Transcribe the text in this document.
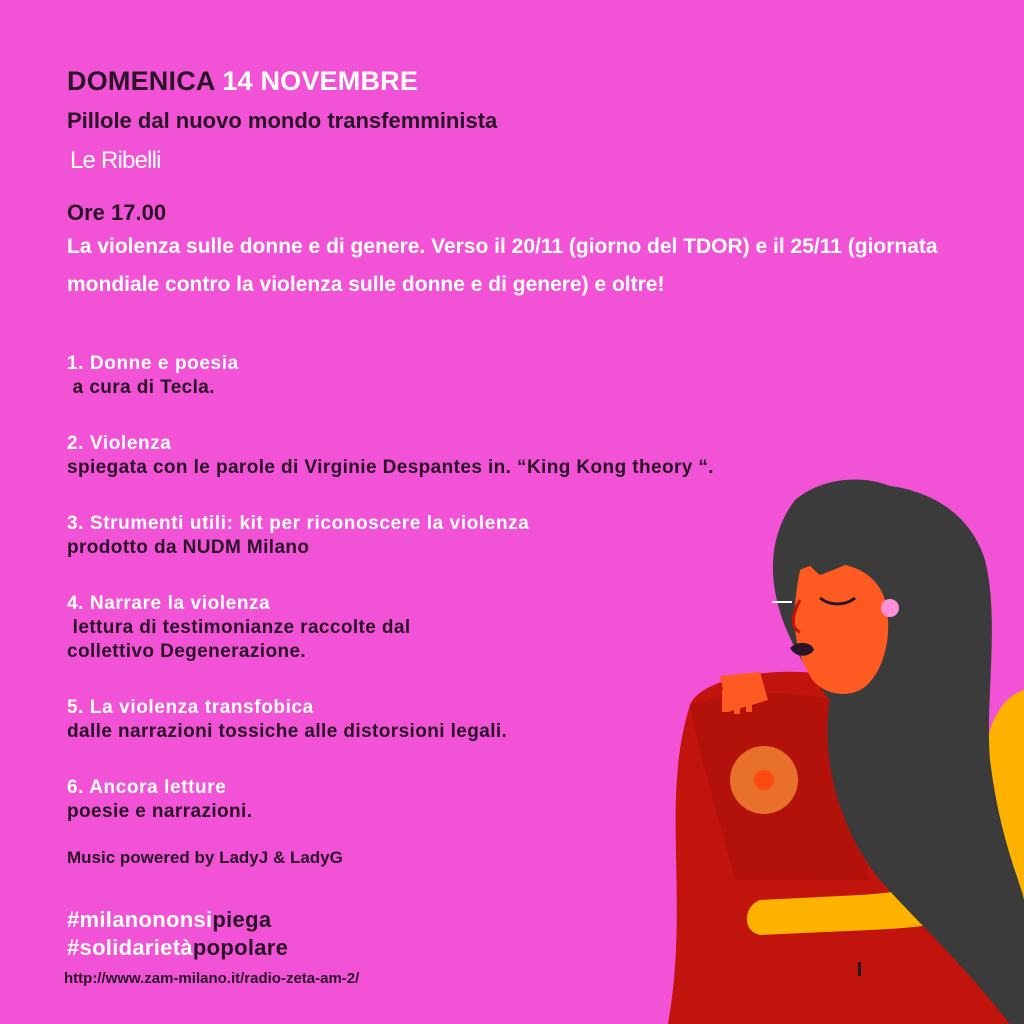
DOMENICA 14 NOVEMBRE

Pillole dal nuovo mondo transfemminista

Le Ribelli

Ore 17.00

La violenza sulle donne e di genere. Verso il 20/11 (giorno del TDOR) e il 25/11 (giornata mondiale contro la violenza sulle donne e di genere) e oltre!

1. Donne e poesia
a cura di Tecla.
2. Violenza
spiegata con le parole di Virginie Despantes in. “King Kong theory “.
3. Strumenti utili: kit per riconoscere la violenza
prodotto da NUDM Milano
4. Narrare la violenza
lettura di testimonianze raccolte dal
collettivo Degenerazione.
5. La violenza transfobica
dalle narrazioni tossiche alle distorsioni legali.
6. Ancora letture
poesie e narrazioni.

Music powered by LadyJ & LadyG

#milanononsipiega

#solidarietàpopolare

http://www.zam-milano.it/radio-zeta-am-2/
